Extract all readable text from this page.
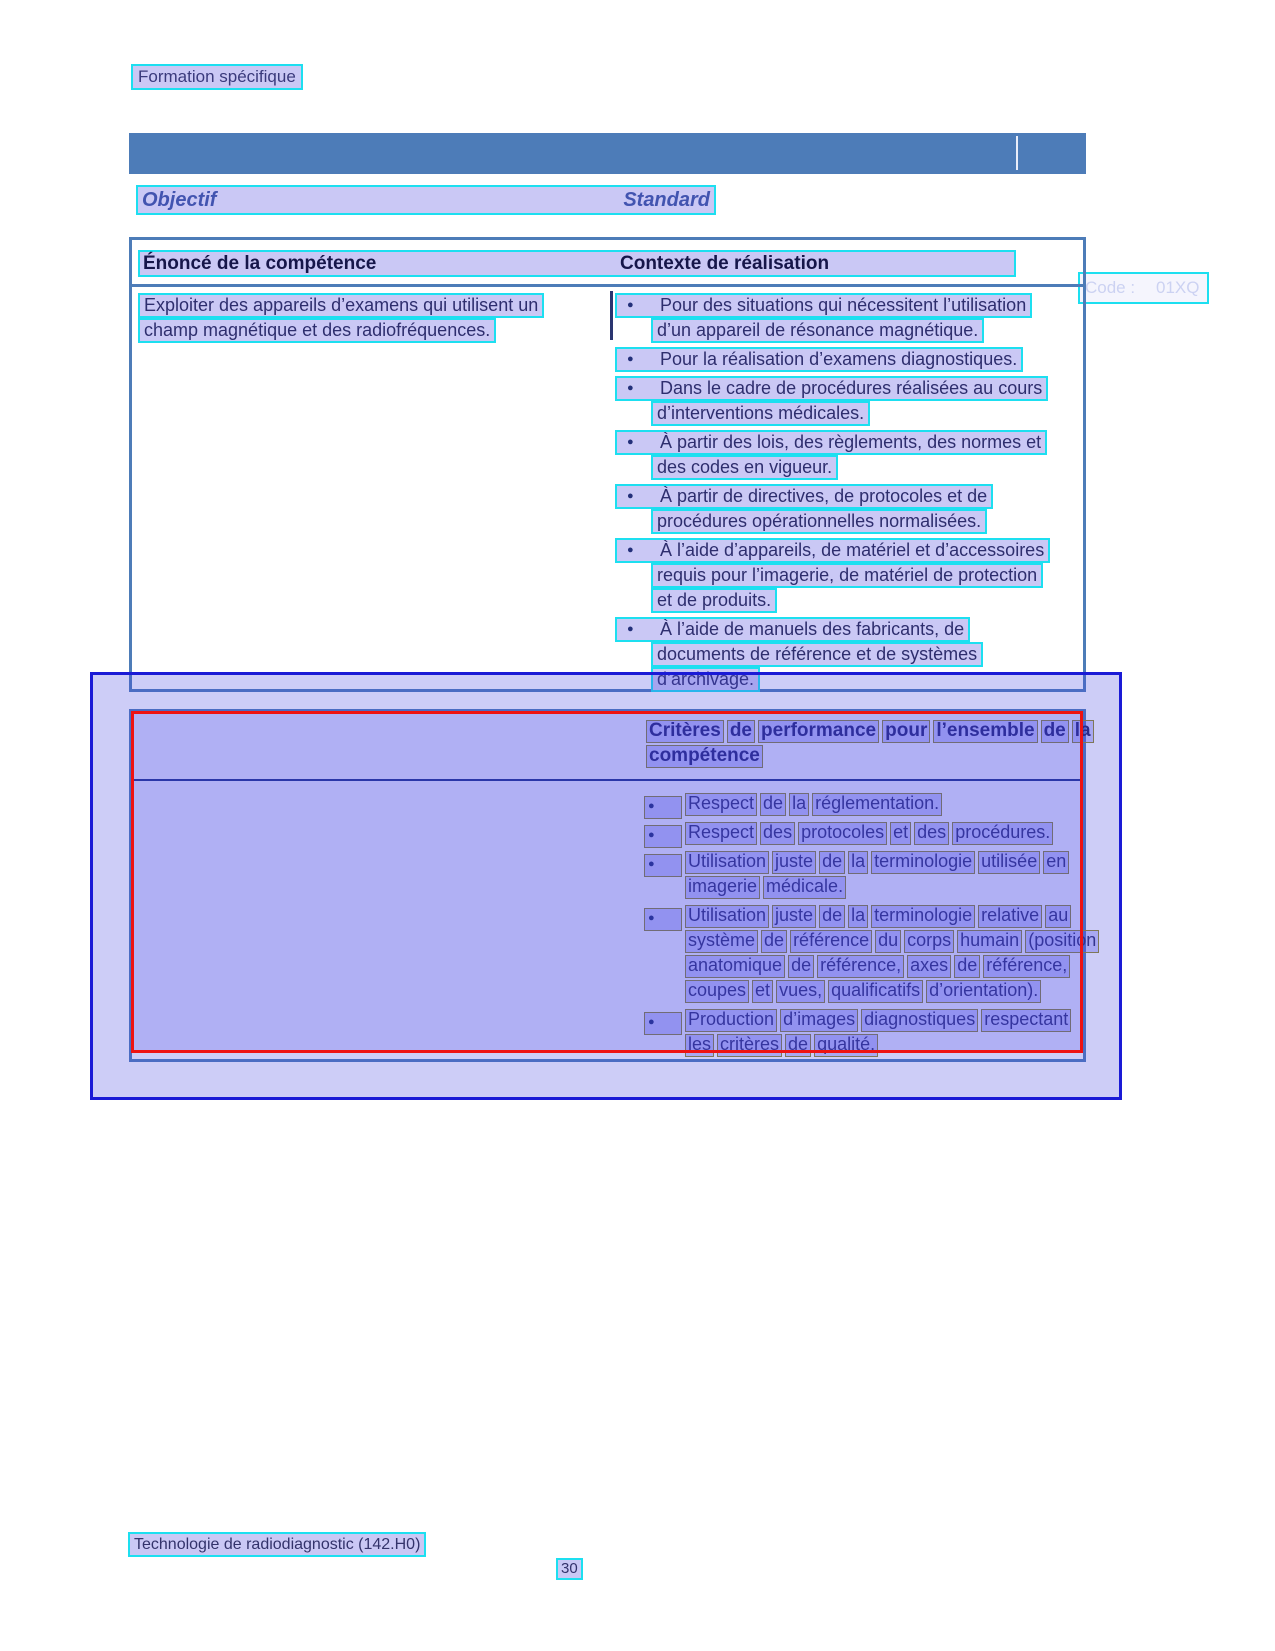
Formation spécifique
Code :	01XQ
Objectif	Standard
Énoncé de la compétence	Contexte de réalisation
Exploiter des appareils d’examens qui utilisent un
champ magnétique et des radiofréquences.
● Pour des situations qui nécessitent l’utilisation
d’un appareil de résonance magnétique.
● Pour la réalisation d’examens diagnostiques.
● Dans le cadre de procédures réalisées au cours
d’interventions médicales.
● À partir des lois, des règlements, des normes et
des codes en vigueur.
● À partir de directives, de protocoles et de
procédures opérationnelles normalisées.
● À l’aide d’appareils, de matériel et d’accessoires
requis pour l’imagerie, de matériel de protection
et de produits.
● À l’aide de manuels des fabricants, de
documents de référence et de systèmes
d’archivage.
Critères de performance pour l’ensemble de la
compétence
● Respect de la réglementation.
● Respect des protocoles et des procédures.
● Utilisation juste de la terminologie utilisée en
imagerie médicale.
● Utilisation juste de la terminologie relative au
système de référence du corps humain (position
anatomique de référence, axes de référence,
coupes et vues, qualificatifs d’orientation).
● Production d’images diagnostiques respectant
les critères de qualité.
Technologie de radiodiagnostic (142.H0)
30
